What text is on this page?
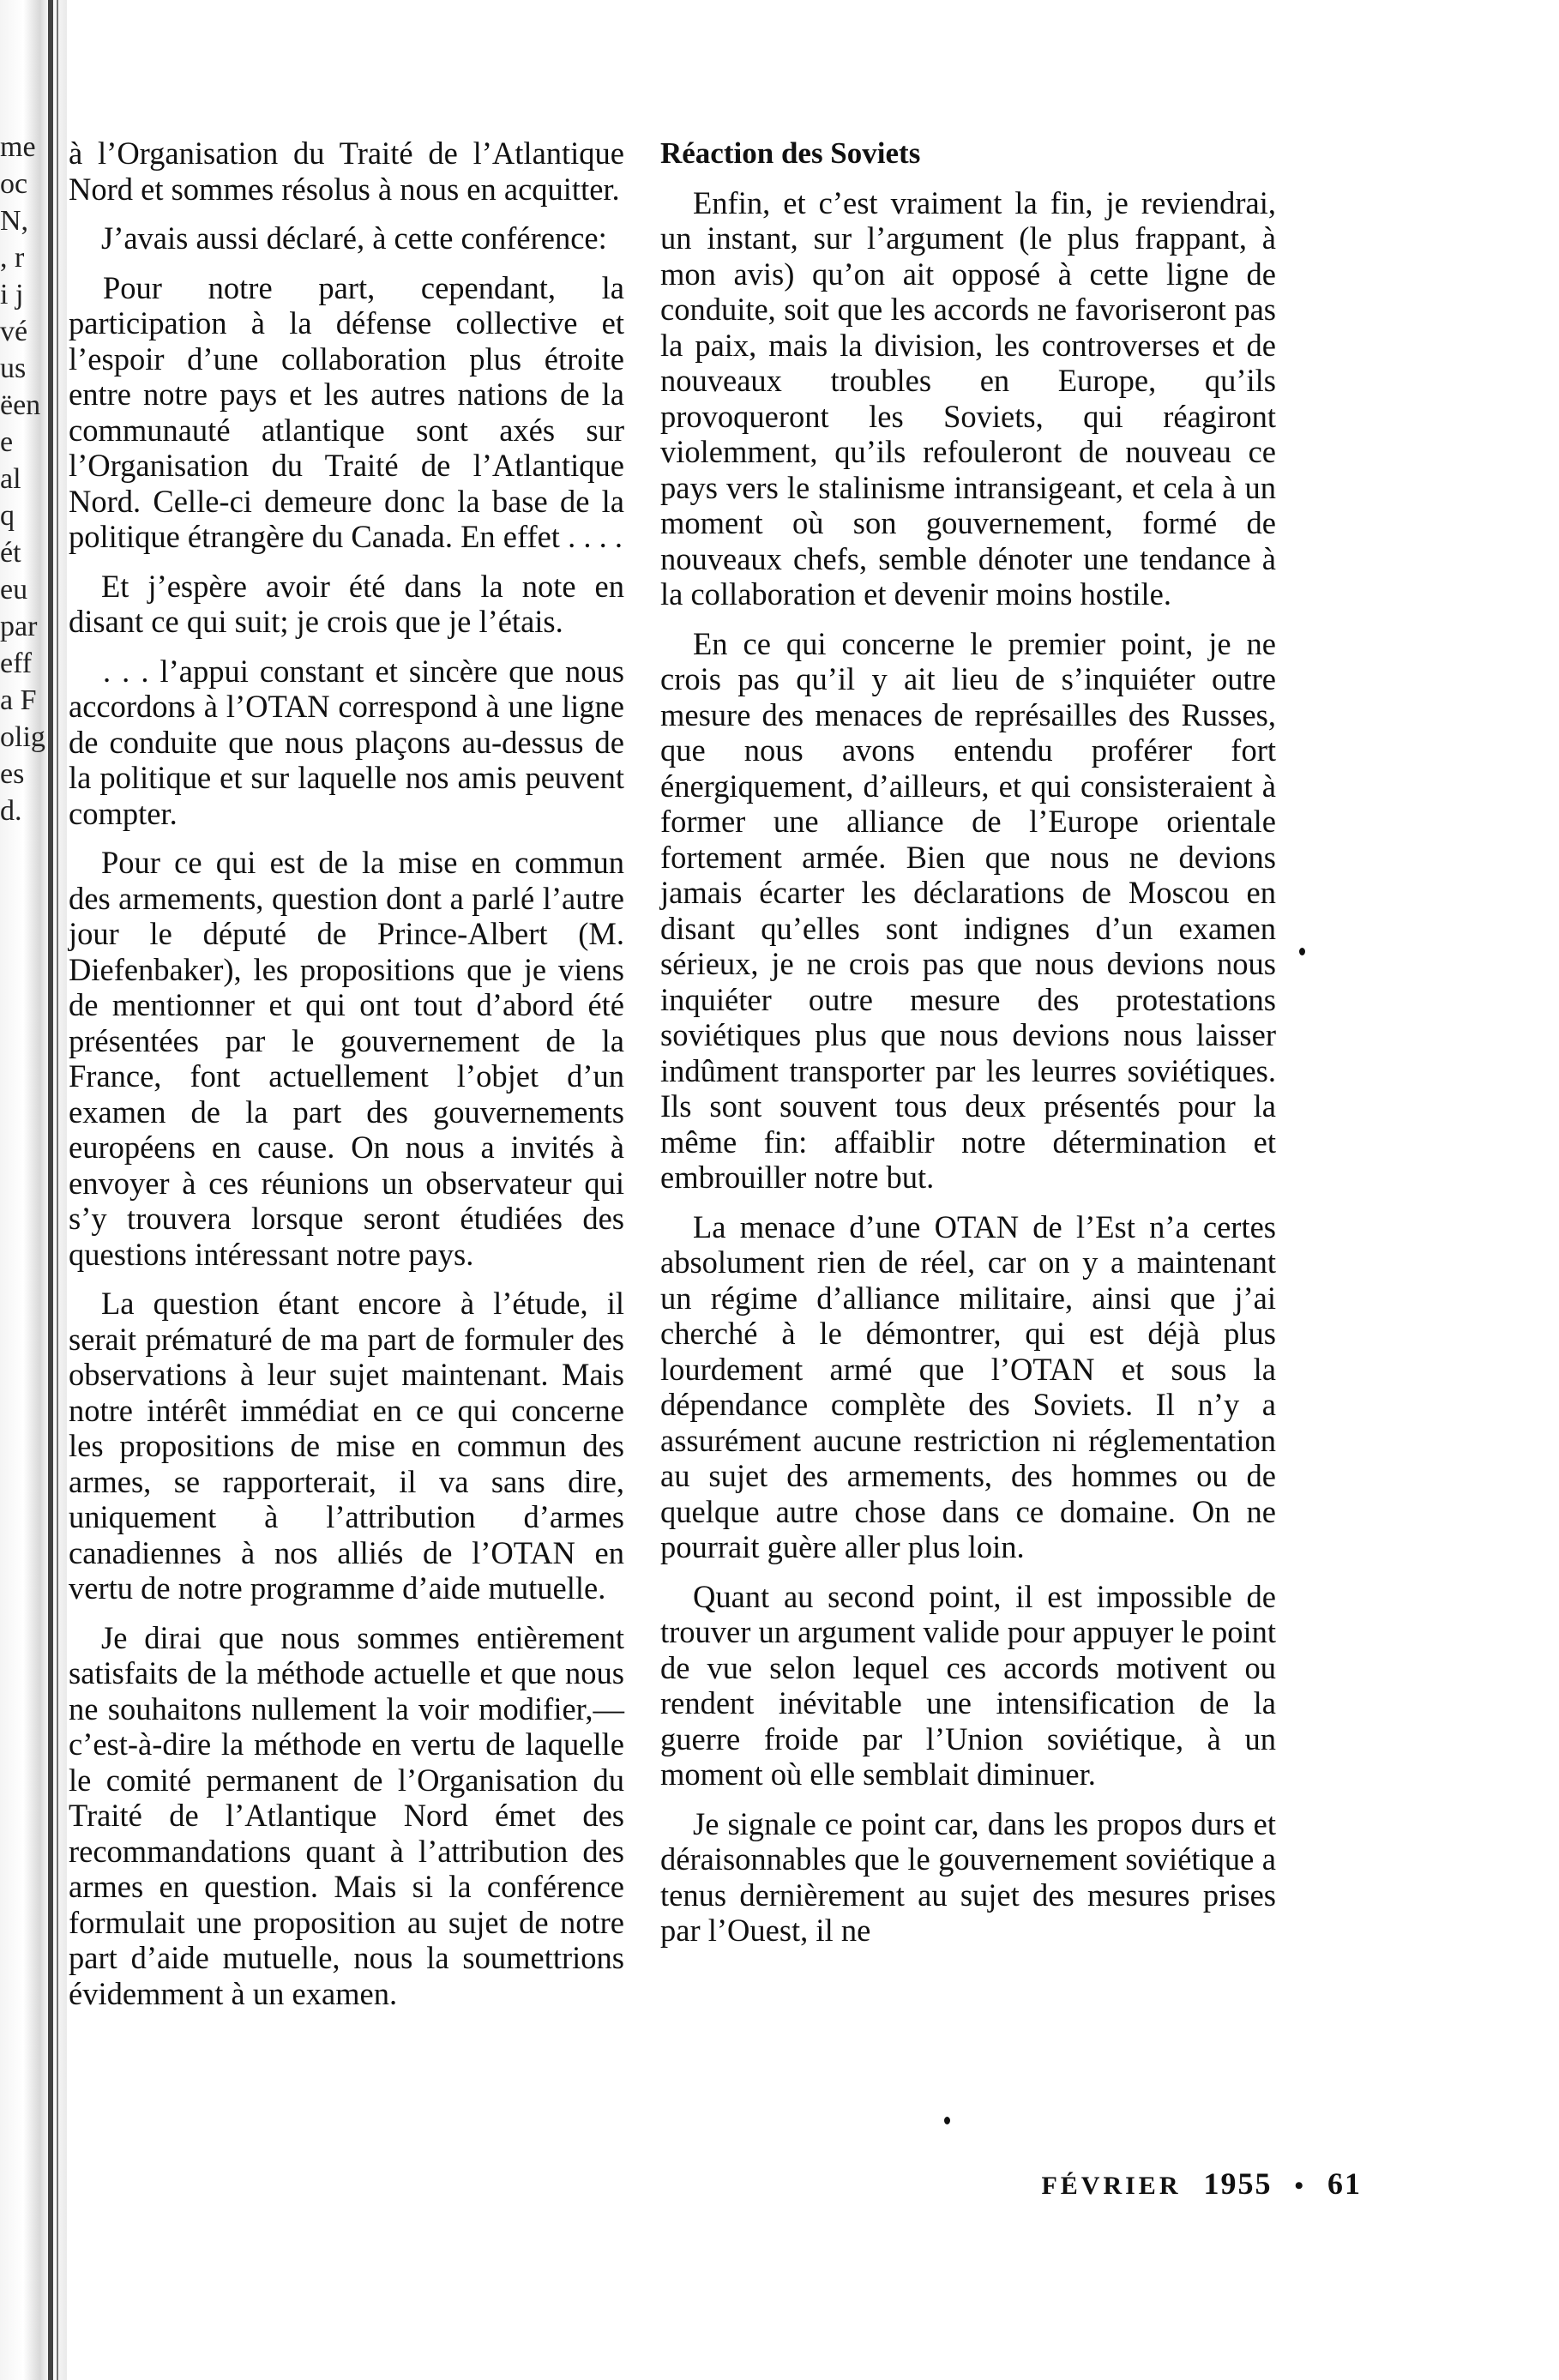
me
oc
N,
, r
i j
vé
us
ëen
e
al
q
ét
eu
par
eff
a F
olig
es
d.

à l’Organisation du Traité de l’Atlantique Nord et sommes résolus à nous en acquitter.

J’avais aussi déclaré, à cette conférence:

Pour notre part, cependant, la participation à la défense collective et l’espoir d’une collaboration plus étroite entre notre pays et les autres nations de la communauté atlantique sont axés sur l’Organisation du Traité de l’Atlantique Nord. Celle-ci demeure donc la base de la politique étrangère du Canada. En effet . . . .

Et j’espère avoir été dans la note en disant ce qui suit; je crois que je l’étais.

. . . l’appui constant et sincère que nous accordons à l’OTAN correspond à une ligne de conduite que nous plaçons au-dessus de la politique et sur laquelle nos amis peuvent compter.

Pour ce qui est de la mise en commun des armements, question dont a parlé l’autre jour le député de Prince-Albert (M. Diefenbaker), les propositions que je viens de mentionner et qui ont tout d’abord été présentées par le gouvernement de la France, font actuellement l’objet d’un examen de la part des gouvernements européens en cause. On nous a invités à envoyer à ces réunions un observateur qui s’y trouvera lorsque seront étudiées des questions intéressant notre pays.

La question étant encore à l’étude, il serait prématuré de ma part de formuler des observations à leur sujet maintenant. Mais notre intérêt immédiat en ce qui concerne les propositions de mise en commun des armes, se rapporterait, il va sans dire, uniquement à l’attribution d’armes canadiennes à nos alliés de l’OTAN en vertu de notre programme d’aide mutuelle.

Je dirai que nous sommes entièrement satisfaits de la méthode actuelle et que nous ne souhaitons nullement la voir modifier,—c’est-à-dire la méthode en vertu de laquelle le comité permanent de l’Organisation du Traité de l’Atlantique Nord émet des recommandations quant à l’attribution des armes en question. Mais si la conférence formulait une proposition au sujet de notre part d’aide mutuelle, nous la soumettrions évidemment à un examen.

Réaction des Soviets

Enfin, et c’est vraiment la fin, je reviendrai, un instant, sur l’argument (le plus frappant, à mon avis) qu’on ait opposé à cette ligne de conduite, soit que les accords ne favoriseront pas la paix, mais la division, les controverses et de nouveaux troubles en Europe, qu’ils provoqueront les Soviets, qui réagiront violemment, qu’ils refouleront de nouveau ce pays vers le stalinisme intransigeant, et cela à un moment où son gouvernement, formé de nouveaux chefs, semble dénoter une tendance à la collaboration et devenir moins hostile.

En ce qui concerne le premier point, je ne crois pas qu’il y ait lieu de s’inquiéter outre mesure des menaces de représailles des Russes, que nous avons entendu proférer fort énergiquement, d’ailleurs, et qui consisteraient à former une alliance de l’Europe orientale fortement armée. Bien que nous ne devions jamais écarter les déclarations de Moscou en disant qu’elles sont indignes d’un examen sérieux, je ne crois pas que nous devions nous inquiéter outre mesure des protestations soviétiques plus que nous devions nous laisser indûment transporter par les leurres soviétiques. Ils sont souvent tous deux présentés pour la même fin: affaiblir notre détermination et embrouiller notre but.

La menace d’une OTAN de l’Est n’a certes absolument rien de réel, car on y a maintenant un régime d’alliance militaire, ainsi que j’ai cherché à le démontrer, qui est déjà plus lourdement armé que l’OTAN et sous la dépendance complète des Soviets. Il n’y a assurément aucune restriction ni réglementation au sujet des armements, des hommes ou de quelque autre chose dans ce domaine. On ne pourrait guère aller plus loin.

Quant au second point, il est impossible de trouver un argument valide pour appuyer le point de vue selon lequel ces accords motivent ou rendent inévitable une intensification de la guerre froide par l’Union soviétique, à un moment où elle semblait diminuer.

Je signale ce point car, dans les propos durs et déraisonnables que le gouvernement soviétique a tenus dernièrement au sujet des mesures prises par l’Ouest, il ne

FÉVRIER 1955 • 61
